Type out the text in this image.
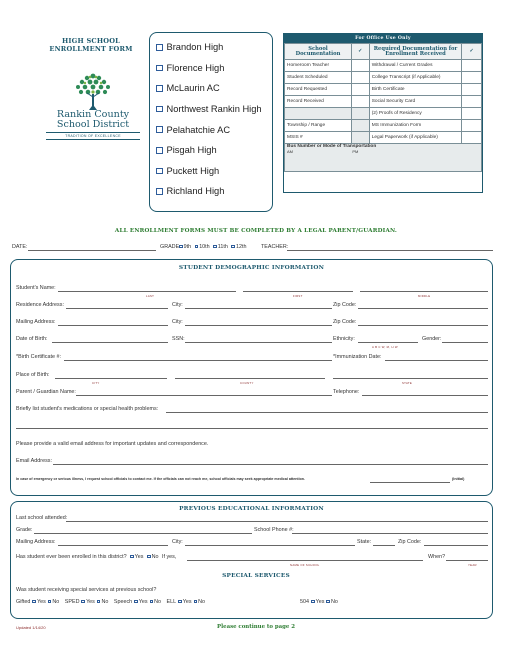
HIGH SCHOOL
ENROLLMENT FORM
Rankin County
School District
TRADITION OF EXCELLENCE
Brandon High
Florence High
McLaurin AC
Northwest Rankin High
Pelahatchie AC
Pisgah High
Puckett High
Richland High
For Office Use Only
School Documentation	✓	Required Documentation for Enrollment Received	✓
Homeroom Teacher		Withdrawal / Current Grades	
Student Scheduled		College Transcript (if Applicable)	
Record Requested		Birth Certificate	
Record Received		Social Security Card	
		(2) Proofs of Residency	
Township / Range		MS Immunization Form	
MSIS #		Legal Paperwork (if Applicable)	

Bus Number or Mode of Transportation
AM PM			
ALL ENROLLMENT FORMS MUST BE COMPLETED BY A LEGAL PARENT/GUARDIAN.
DATE:	GRADE: 9th 10th 11th 12th	TEACHER:
STUDENT DEMOGRAPHIC INFORMATION
Student's Name:
LAST	FIRST	MIDDLE
Residence Address:	City:	Zip Code:
Mailing Address:	City:	Zip Code:
Date of Birth:	SSN:	Ethnicity:
A B C W, M, H W
Gender:
*Birth Certificate #:	*Immunization Date:
Place of Birth:
CITY	COUNTY	STATE
Parent / Guardian Name:	Telephone:
Briefly list student's medications or special health problems:
Please provide a valid email address for important updates and correspondence.
Email Address:
In case of emergency or serious illness, I request school officials to contact me. If the officials can not reach me, school officials may seek appropriate medical attention.	(Initial)
PREVIOUS EDUCATIONAL INFORMATION
Last school attended:
Grade:	School Phone #:
Mailing Address:	City:	State:	Zip Code:
Has student ever been enrolled in this district? Yes No If yes,
NAME OF SCHOOL
When?
YEAR
SPECIAL SERVICES
Was student receiving special services at previous school?
Gifted Yes No SPED Yes No Speech Yes No ELL Yes No	504 Yes No
Updated 1/14/20	Please continue to page 2
